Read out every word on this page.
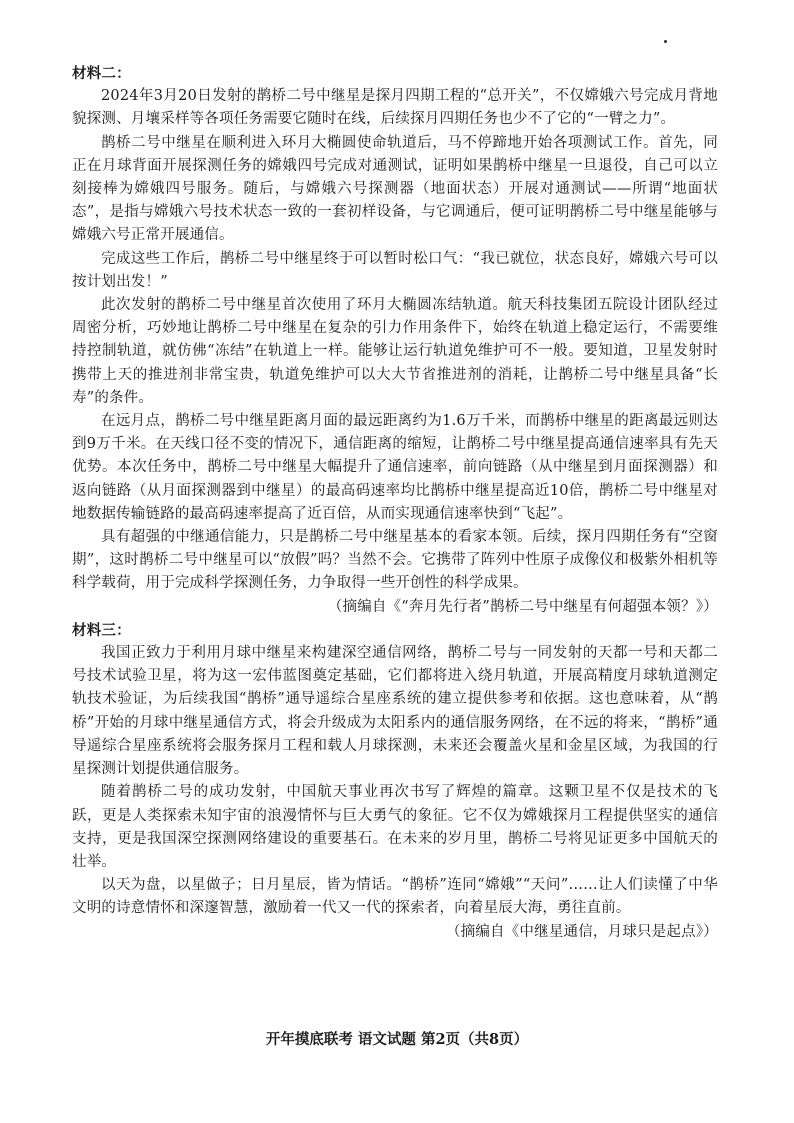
材料二：

2024年3月20日发射的鹊桥二号中继星是探月四期工程的“总开关”，不仅嫦娥六号完成月背地貌探测、月壤采样等各项任务需要它随时在线，后续探月四期任务也少不了它的“一臂之力”。

鹊桥二号中继星在顺利进入环月大椭圆使命轨道后，马不停蹄地开始各项测试工作。首先，同正在月球背面开展探测任务的嫦娥四号完成对通测试，证明如果鹊桥中继星一旦退役，自己可以立刻接棒为嫦娥四号服务。随后，与嫦娥六号探测器（地面状态）开展对通测试——所谓“地面状态”，是指与嫦娥六号技术状态一致的一套初样设备，与它调通后，便可证明鹊桥二号中继星能够与嫦娥六号正常开展通信。

完成这些工作后，鹊桥二号中继星终于可以暂时松口气：“我已就位，状态良好，嫦娥六号可以按计划出发！”

此次发射的鹊桥二号中继星首次使用了环月大椭圆冻结轨道。航天科技集团五院设计团队经过周密分析，巧妙地让鹊桥二号中继星在复杂的引力作用条件下，始终在轨道上稳定运行，不需要维持控制轨道，就仿佛“冻结”在轨道上一样。能够让运行轨道免维护可不一般。要知道，卫星发射时携带上天的推进剂非常宝贵，轨道免维护可以大大节省推进剂的消耗，让鹊桥二号中继星具备“长寿”的条件。

在远月点，鹊桥二号中继星距离月面的最远距离约为1.6万千米，而鹊桥中继星的距离最远则达到9万千米。在天线口径不变的情况下，通信距离的缩短，让鹊桥二号中继星提高通信速率具有先天优势。本次任务中，鹊桥二号中继星大幅提升了通信速率，前向链路（从中继星到月面探测器）和返向链路（从月面探测器到中继星）的最高码速率均比鹊桥中继星提高近10倍，鹊桥二号中继星对地数据传输链路的最高码速率提高了近百倍，从而实现通信速率快到“飞起”。

具有超强的中继通信能力，只是鹊桥二号中继星基本的看家本领。后续，探月四期任务有“空窗期”，这时鹊桥二号中继星可以“放假”吗？当然不会。它携带了阵列中性原子成像仪和极紫外相机等科学载荷，用于完成科学探测任务，力争取得一些开创性的科学成果。

（摘编自《“奔月先行者”鹊桥二号中继星有何超强本领？》）

材料三：

我国正致力于利用月球中继星来构建深空通信网络，鹊桥二号与一同发射的天都一号和天都二号技术试验卫星，将为这一宏伟蓝图奠定基础，它们都将进入绕月轨道，开展高精度月球轨道测定轨技术验证，为后续我国“鹊桥”通导遥综合星座系统的建立提供参考和依据。这也意味着，从“鹊桥”开始的月球中继星通信方式，将会升级成为太阳系内的通信服务网络，在不远的将来，“鹊桥”通导遥综合星座系统将会服务探月工程和载人月球探测，未来还会覆盖火星和金星区域，为我国的行星探测计划提供通信服务。

随着鹊桥二号的成功发射，中国航天事业再次书写了辉煌的篇章。这颗卫星不仅是技术的飞跃，更是人类探索未知宇宙的浪漫情怀与巨大勇气的象征。它不仅为嫦娥探月工程提供坚实的通信支持，更是我国深空探测网络建设的重要基石。在未来的岁月里，鹊桥二号将见证更多中国航天的壮举。

以天为盘，以星做子；日月星辰，皆为情话。“鹊桥”连同“嫦娥”“天问”……让人们读懂了中华文明的诗意情怀和深邃智慧，激励着一代又一代的探索者，向着星辰大海，勇往直前。

（摘编自《中继星通信，月球只是起点》）

开年摸底联考 语文试题 第2页（共8页）
